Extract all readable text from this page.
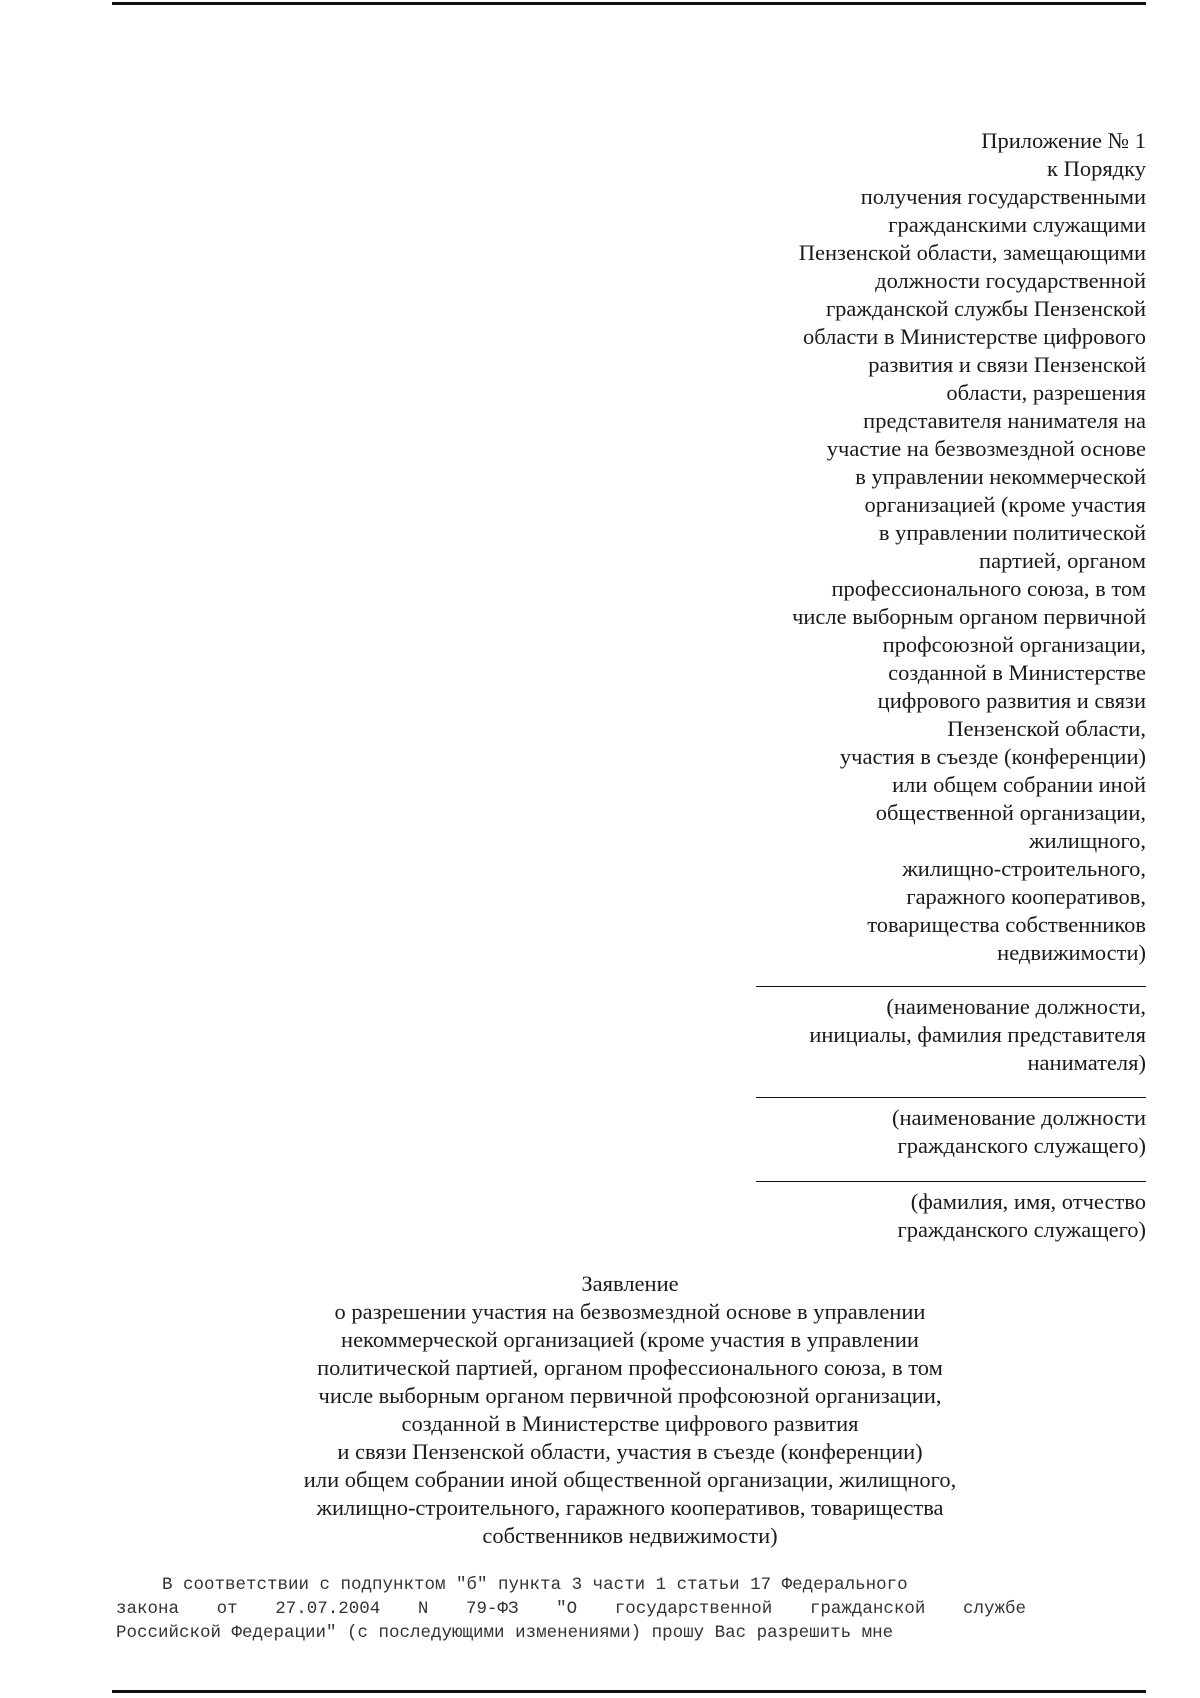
Приложение № 1
к Порядку
получения государственными
гражданскими служащими
Пензенской области, замещающими
должности государственной
гражданской службы Пензенской
области в Министерстве цифрового
развития и связи Пензенской
области, разрешения
представителя нанимателя на
участие на безвозмездной основе
в управлении некоммерческой
организацией (кроме участия
в управлении политической
партией, органом
профессионального союза, в том
числе выборным органом первичной
профсоюзной организации,
созданной в Министерстве
цифрового развития и связи
Пензенской области,
участия в съезде (конференции)
или общем собрании иной
общественной организации,
жилищного,
жилищно-строительного,
гаражного кооперативов,
товарищества собственников
недвижимости)
(наименование должности,
инициалы, фамилия представителя
нанимателя)
(наименование должности
гражданского служащего)
(фамилия, имя, отчество
гражданского служащего)
Заявление
о разрешении участия на безвозмездной основе в управлении
некоммерческой организацией (кроме участия в управлении
политической партией, органом профессионального союза, в том
числе выборным органом первичной профсоюзной организации,
созданной в Министерстве цифрового развития
и связи Пензенской области, участия в съезде (конференции)
или общем собрании иной общественной организации, жилищного,
жилищно-строительного, гаражного кооперативов, товарищества
собственников недвижимости)
В соответствии с подпунктом "б" пункта 3 части 1 статьи 17 Федерального
закона от 27.07.2004 N 79-ФЗ "О государственной гражданской службе
Российской Федерации" (с последующими изменениями) прошу Вас разрешить мне
